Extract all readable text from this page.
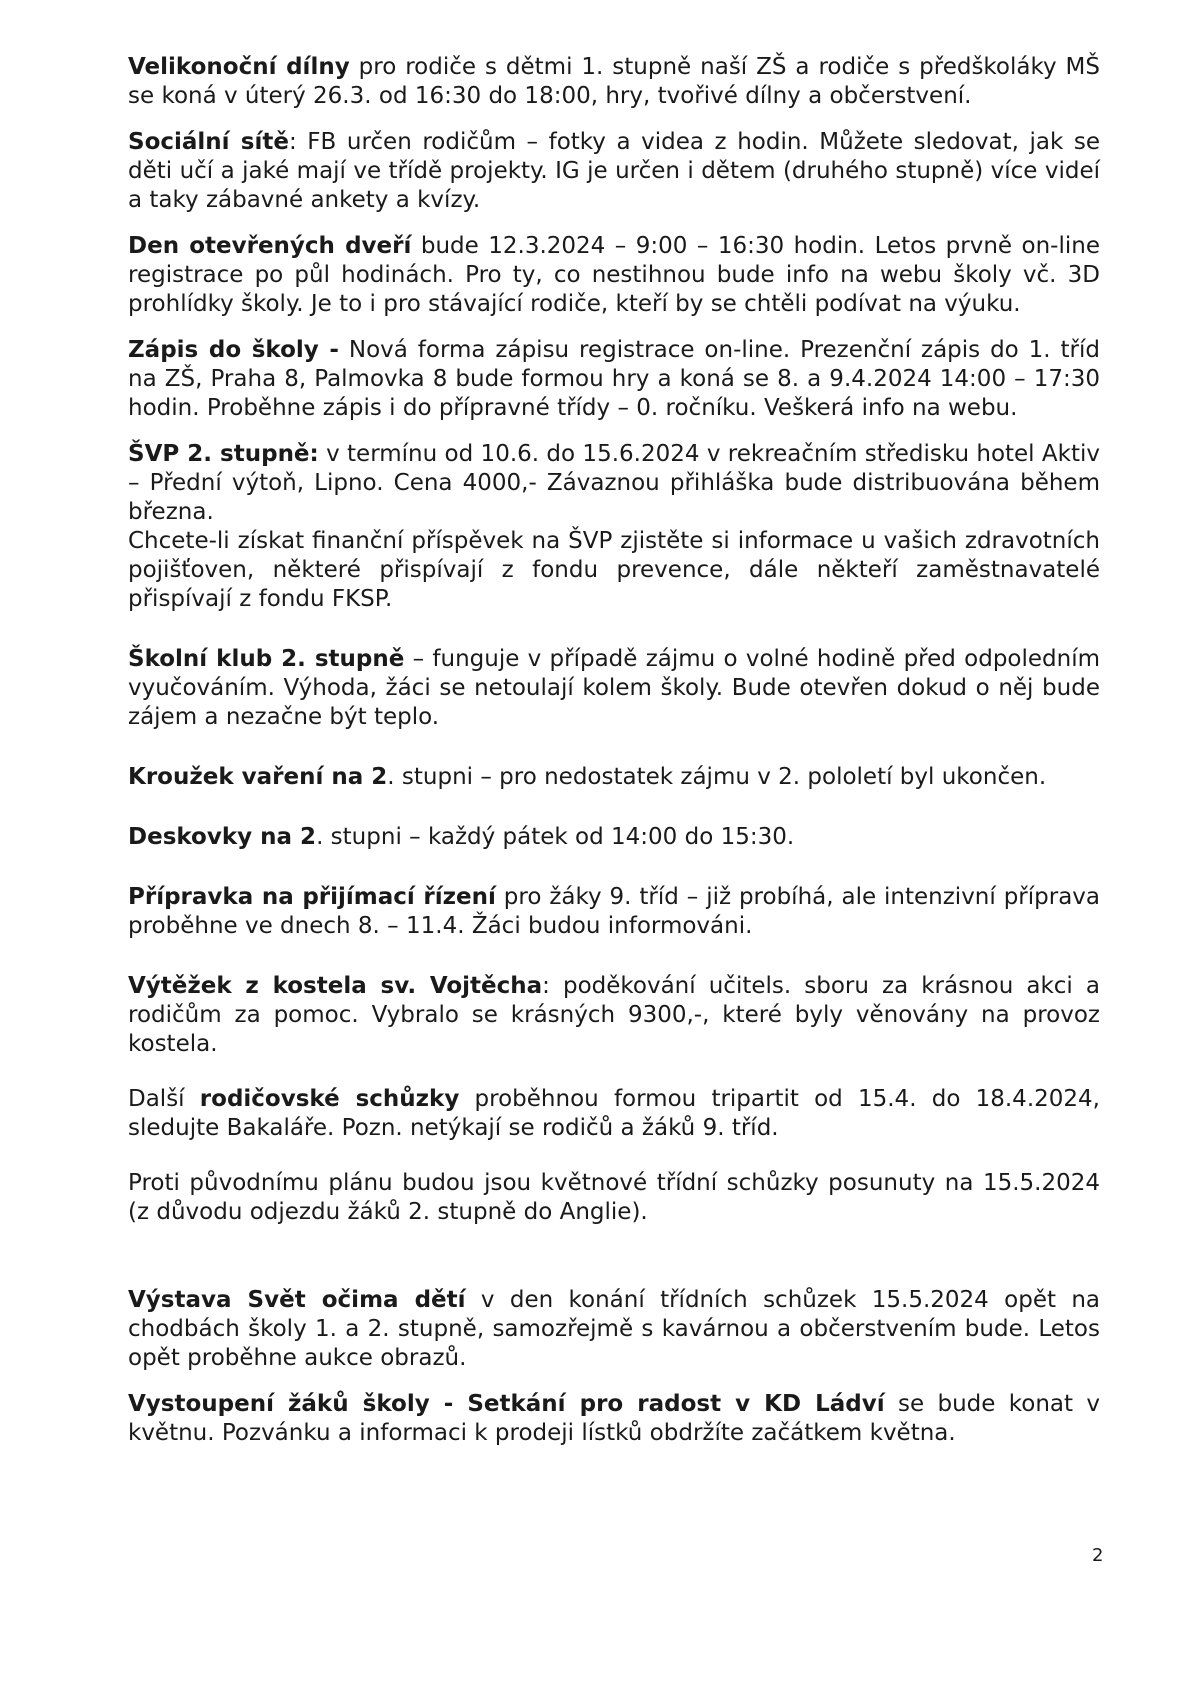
Velikonoční dílny pro rodiče s dětmi 1. stupně naší ZŠ a rodiče s předškoláky MŠ se koná v úterý 26.3. od 16:30 do 18:00, hry, tvořivé dílny a občerstvení.

Sociální sítě: FB určen rodičům – fotky a videa z hodin. Můžete sledovat, jak se děti učí a jaké mají ve třídě projekty. IG je určen i dětem (druhého stupně) více videí a taky zábavné ankety a kvízy.

Den otevřených dveří bude 12.3.2024 – 9:00 – 16:30 hodin. Letos prvně on-line registrace po půl hodinách. Pro ty, co nestihnou bude info na webu školy vč. 3D prohlídky školy. Je to i pro stávající rodiče, kteří by se chtěli podívat na výuku.

Zápis do školy - Nová forma zápisu registrace on-line. Prezenční zápis do 1. tříd na ZŠ, Praha 8, Palmovka 8 bude formou hry a koná se 8. a 9.4.2024 14:00 – 17:30 hodin. Proběhne zápis i do přípravné třídy – 0. ročníku. Veškerá info na webu.

ŠVP 2. stupně: v termínu od 10.6. do 15.6.2024 v rekreačním středisku hotel Aktiv – Přední výtoň, Lipno. Cena 4000,- Závaznou přihláška bude distribuována během března.

Chcete-li získat finanční příspěvek na ŠVP zjistěte si informace u vašich zdravotních pojišťoven, některé přispívají z fondu prevence, dále někteří zaměstnavatelé přispívají z fondu FKSP.

Školní klub 2. stupně – funguje v případě zájmu o volné hodině před odpoledním vyučováním. Výhoda, žáci se netoulají kolem školy. Bude otevřen dokud o něj bude zájem a nezačne být teplo.

Kroužek vaření na 2. stupni – pro nedostatek zájmu v 2. pololetí byl ukončen.

Deskovky na 2. stupni – každý pátek od 14:00 do 15:30.

Přípravka na přijímací řízení pro žáky 9. tříd – již probíhá, ale intenzivní příprava proběhne ve dnech 8. – 11.4. Žáci budou informováni.

Výtěžek z kostela sv. Vojtěcha: poděkování učitels. sboru za krásnou akci a rodičům za pomoc. Vybralo se krásných 9300,-, které byly věnovány na provoz kostela.

Další rodičovské schůzky proběhnou formou tripartit od 15.4. do 18.4.2024, sledujte Bakaláře. Pozn. netýkají se rodičů a žáků 9. tříd.

Proti původnímu plánu budou jsou květnové třídní schůzky posunuty na 15.5.2024 (z důvodu odjezdu žáků 2. stupně do Anglie).

Výstava Svět očima dětí v den konání třídních schůzek 15.5.2024 opět na chodbách školy 1. a 2. stupně, samozřejmě s kavárnou a občerstvením bude. Letos opět proběhne aukce obrazů.

Vystoupení žáků školy - Setkání pro radost v KD Ládví se bude konat v květnu. Pozvánku a informaci k prodeji lístků obdržíte začátkem května.

2
